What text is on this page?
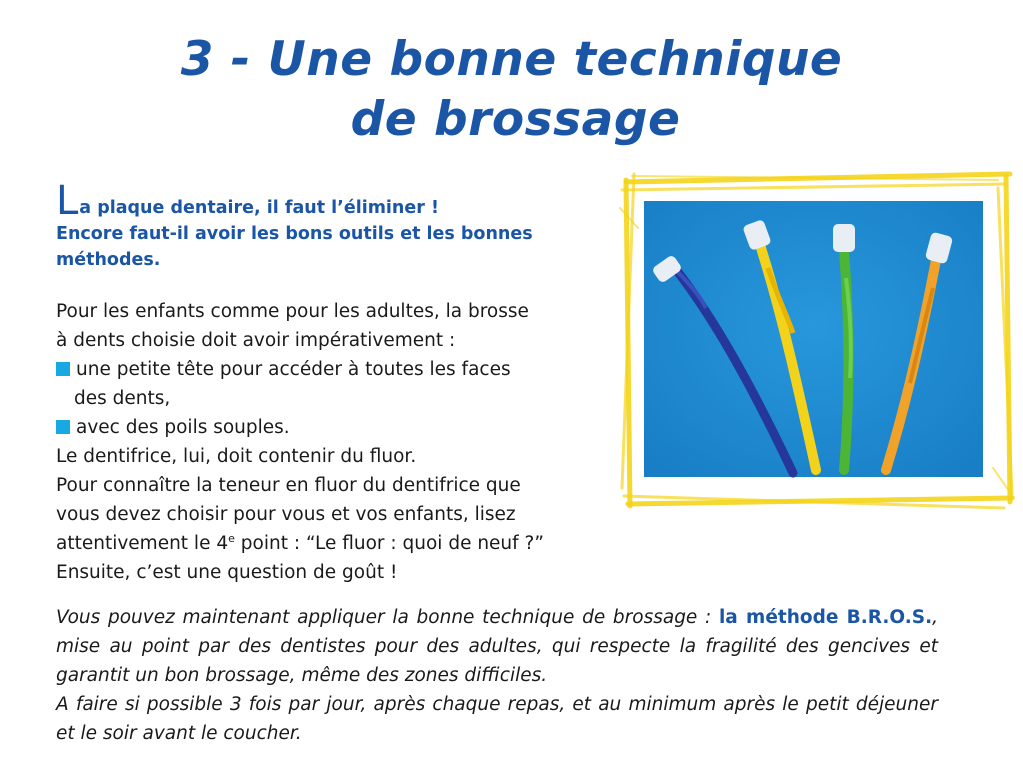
3 - Une bonne technique

de brossage
La plaque dentaire, il faut l’éliminer !
Encore faut-il avoir les bons outils et les bonnes
méthodes.
Pour les enfants comme pour les adultes, la brosse
à dents choisie doit avoir impérativement :
une petite tête pour accéder à toutes les faces
des dents,
avec des poils souples.
Le dentifrice, lui, doit contenir du fluor.
Pour connaître la teneur en fluor du dentifrice que
vous devez choisir pour vous et vos enfants, lisez
attentivement le 4e point : “Le fluor : quoi de neuf ?”
Ensuite, c’est une question de goût !
Vous pouvez maintenant appliquer la bonne technique de brossage : la méthode B.R.O.S., mise au point par des dentistes pour des adultes, qui respecte la fragilité des gencives et garantit un bon brossage, même des zones difficiles.
A faire si possible 3 fois par jour, après chaque repas, et au minimum après le petit déjeuner et le soir avant le coucher.
